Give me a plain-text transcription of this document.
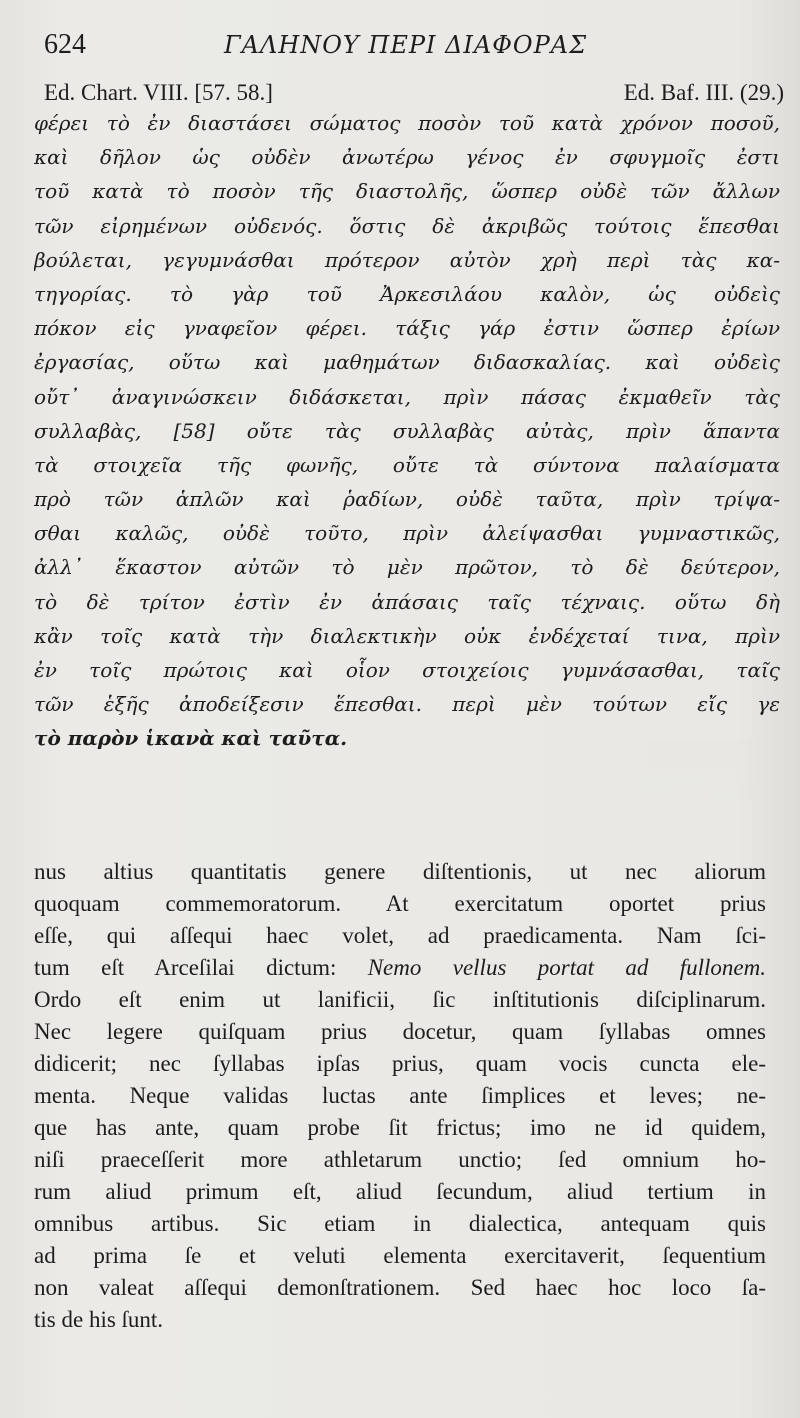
624	ΓΑΛΗΝΟΥ ΠΕΡΙ ΔΙΑΦΟΡΑΣ
Ed. Chart. VIII. [57. 58.]	Ed. Baf. III. (29.)
φέρει τὸ ἐν διαστάσει σώματος ποσὸν τοῦ κατὰ χρόνον ποσοῦ,
καὶ δῆλον ὡς οὐδὲν ἀνωτέρω γένος ἐν σφυγμοῖς ἐστι
τοῦ κατὰ τὸ ποσὸν τῆς διαστολῆς, ὥσπερ οὐδὲ τῶν ἄλλων
τῶν εἰρημένων οὐδενός. ὅστις δὲ ἀκριβῶς τούτοις ἕπεσθαι
βούλεται, γεγυμνάσθαι πρότερον αὐτὸν χρὴ περὶ τὰς κα-
τηγορίας. τὸ γὰρ τοῦ Ἀρκεσιλάου καλὸν, ὡς οὐδεὶς
πόκον εἰς γναφεῖον φέρει. τάξις γάρ ἐστιν ὥσπερ ἐρίων
ἐργασίας, οὕτω καὶ μαθημάτων διδασκαλίας. καὶ οὐδεὶς
οὔτ᾽ ἀναγινώσκειν διδάσκεται, πρὶν πάσας ἐκμαθεῖν τὰς
συλλαβὰς, [58] οὔτε τὰς συλλαβὰς αὐτὰς, πρὶν ἅπαντα
τὰ στοιχεῖα τῆς φωνῆς, οὔτε τὰ σύντονα παλαίσματα
πρὸ τῶν ἁπλῶν καὶ ῥαδίων, οὐδὲ ταῦτα, πρὶν τρίψα-
σθαι καλῶς, οὐδὲ τοῦτο, πρὶν ἀλείψασθαι γυμναστικῶς,
ἀλλ᾽ ἕκαστον αὐτῶν τὸ μὲν πρῶτον, τὸ δὲ δεύτερον,
τὸ δὲ τρίτον ἐστὶν ἐν ἁπάσαις ταῖς τέχναις. οὕτω δὴ
κἂν τοῖς κατὰ τὴν διαλεκτικὴν οὐκ ἐνδέχεταί τινα, πρὶν
ἐν τοῖς πρώτοις καὶ οἷον στοιχείοις γυμνάσασθαι, ταῖς
τῶν ἑξῆς ἀποδείξεσιν ἕπεσθαι. περὶ μὲν τούτων εἴς γε
τὸ παρὸν ἱκανὰ καὶ ταῦτα.
nus altius quantitatis genere diſtentionis, ut nec aliorum
quoquam commemoratorum. At exercitatum oportet prius
eſſe, qui aſſequi haec volet, ad praedicamenta. Nam ſci-
tum eſt Arceſilai dictum: Nemo vellus portat ad fullonem.
Ordo eſt enim ut lanificii, ſic inſtitutionis diſciplinarum.
Nec legere quiſquam prius docetur, quam ſyllabas omnes
didicerit; nec ſyllabas ipſas prius, quam vocis cuncta ele-
menta. Neque validas luctas ante ſimplices et leves; ne-
que has ante, quam probe ſit frictus; imo ne id quidem,
niſi praeceſſerit more athletarum unctio; ſed omnium ho-
rum aliud primum eſt, aliud ſecundum, aliud tertium in
omnibus artibus. Sic etiam in dialectica, antequam quis
ad prima ſe et veluti elementa exercitaverit, ſequentium
non valeat aſſequi demonſtrationem. Sed haec hoc loco ſa-
tis de his ſunt.
